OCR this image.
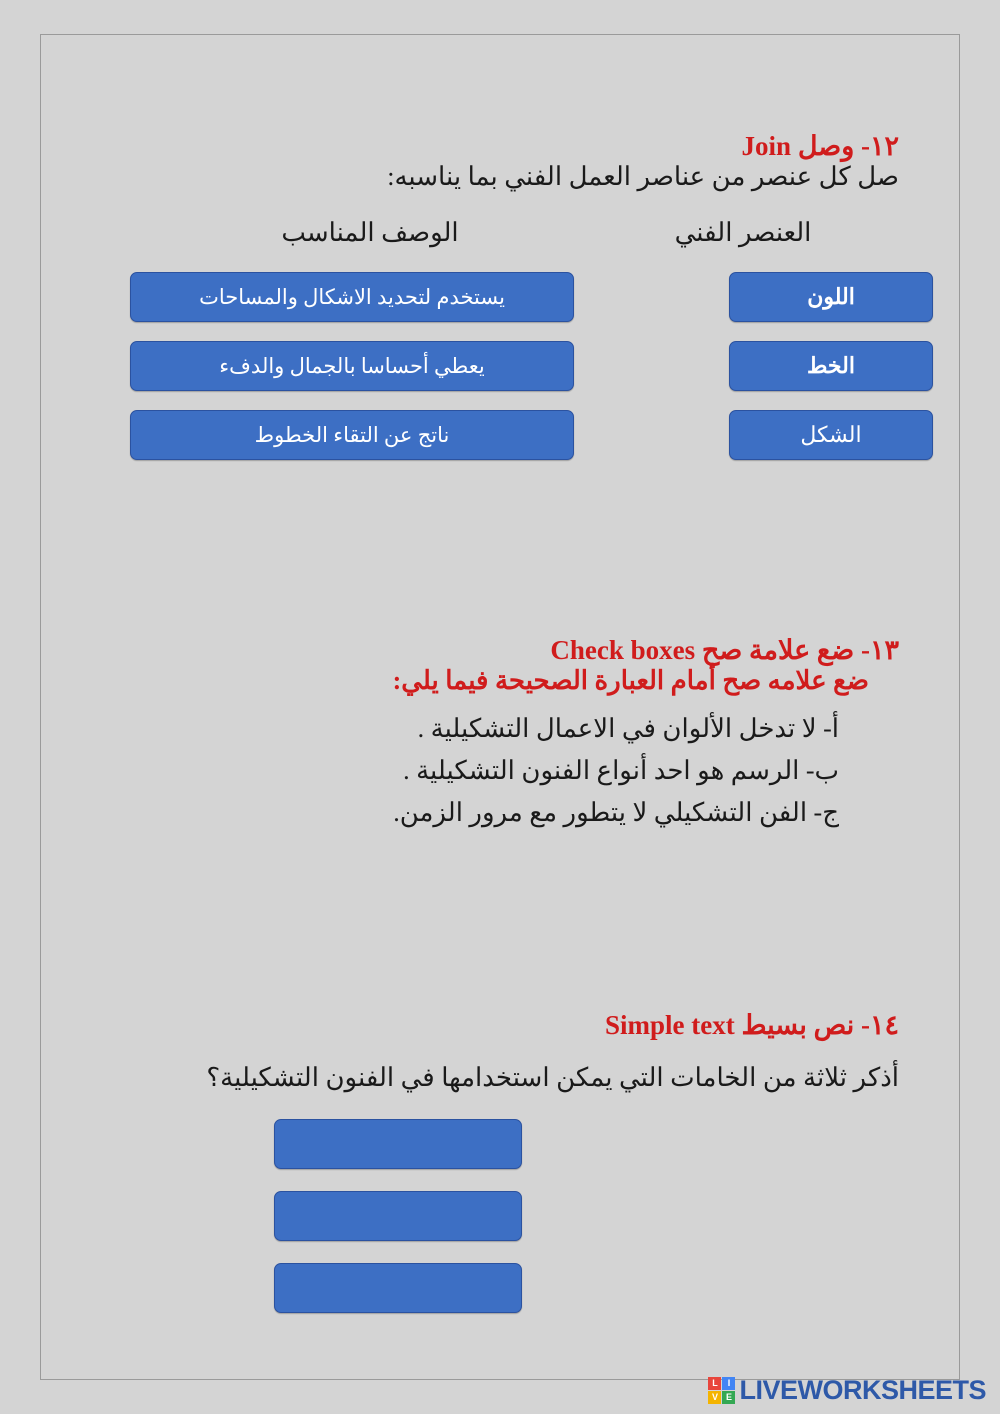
١٢- وصل Join

صل كل عنصر من عناصر العمل الفني بما يناسبه:

العنصر الفني
الوصف المناسب
اللون
يستخدم لتحديد الاشكال والمساحات
الخط
يعطي أحساسا بالجمال والدفء
الشكل
ناتج عن التقاء الخطوط
١٣- ضع علامة صح Check boxes

ضع علامه صح أمام العبارة الصحيحة فيما يلي:

أ- لا تدخل الألوان في الاعمال التشكيلية .
ب- الرسم هو احد أنواع الفنون التشكيلية .
ج- الفن التشكيلي لا يتطور مع مرور الزمن.
١٤- نص بسيط Simple text

أذكر ثلاثة من الخامات التي يمكن استخدامها في الفنون التشكيلية؟

L	I
V E LIVEWORKSHEETS
